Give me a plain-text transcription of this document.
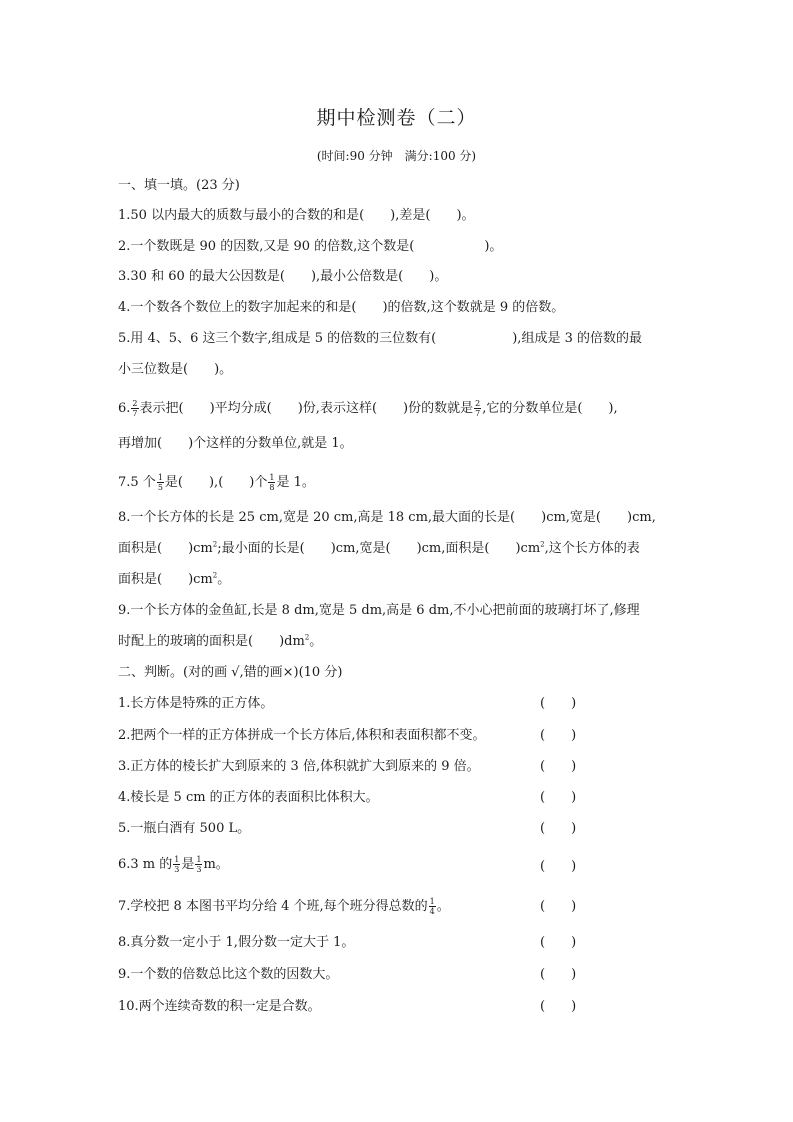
期中检测卷（二）
(时间:90 分钟　满分:100 分)
一、填一填。(23 分)
1.50 以内最大的质数与最小的合数的和是( ),差是( )。
2.一个数既是 90 的因数,又是 90 的倍数,这个数是(	)。
3.30 和 60 的最大公因数是( ),最小公倍数是( )。
4.一个数各个数位上的数字加起来的和是( )的倍数,这个数就是 9 的倍数。
5.用 4、5、6 这三个数字,组成是 5 的倍数的三位数有(	),组成是 3 的倍数的最
小三位数是( )。
6. $\frac{2}{7}$ 表示把( )平均分成( )份,表示这样( )份的数就是 $\frac{2}{7}$ ,它的分数单位是( ),
再增加( )个这样的分数单位,就是 1。
7.5 个 $\frac{1}{5}$ 是( ),( )个 $\frac{1}{8}$ 是 1。
8.一个长方体的长是 25 cm,宽是 20 cm,高是 18 cm,最大面的长是( )cm,宽是( )cm,
面积是( )$cm^2$;最小面的长是( )cm,宽是( )cm,面积是( )$cm^2$,这个长方体的表
面积是( )$cm^2$。
9.一个长方体的金鱼缸,长是 8 dm,宽是 5 dm,高是 6 dm,不小心把前面的玻璃打坏了,修理
时配上的玻璃的面积是( )$dm^2$。
二、判断。(对的画 √,错的画×)(10 分)
1.长方体是特殊的正方体。	(　　)
2.把两个一样的正方体拼成一个长方体后,体积和表面积都不变。	(　　)
3.正方体的棱长扩大到原来的 3 倍,体积就扩大到原来的 9 倍。	(　　)
4.棱长是 5 cm 的正方体的表面积比体积大。	(　　)
5.一瓶白酒有 500 L。	(　　)
6.3 m 的 $\frac{1}{3}$ 是 $\frac{1}{3}$ m。	(　　)
7.学校把 8 本图书平均分给 4 个班,每个班分得总数的 $\frac{1}{4}$ 。	(　　)
8.真分数一定小于 1,假分数一定大于 1。	(　　)
9.一个数的倍数总比这个数的因数大。	(　　)
10.两个连续奇数的积一定是合数。	(　　)
